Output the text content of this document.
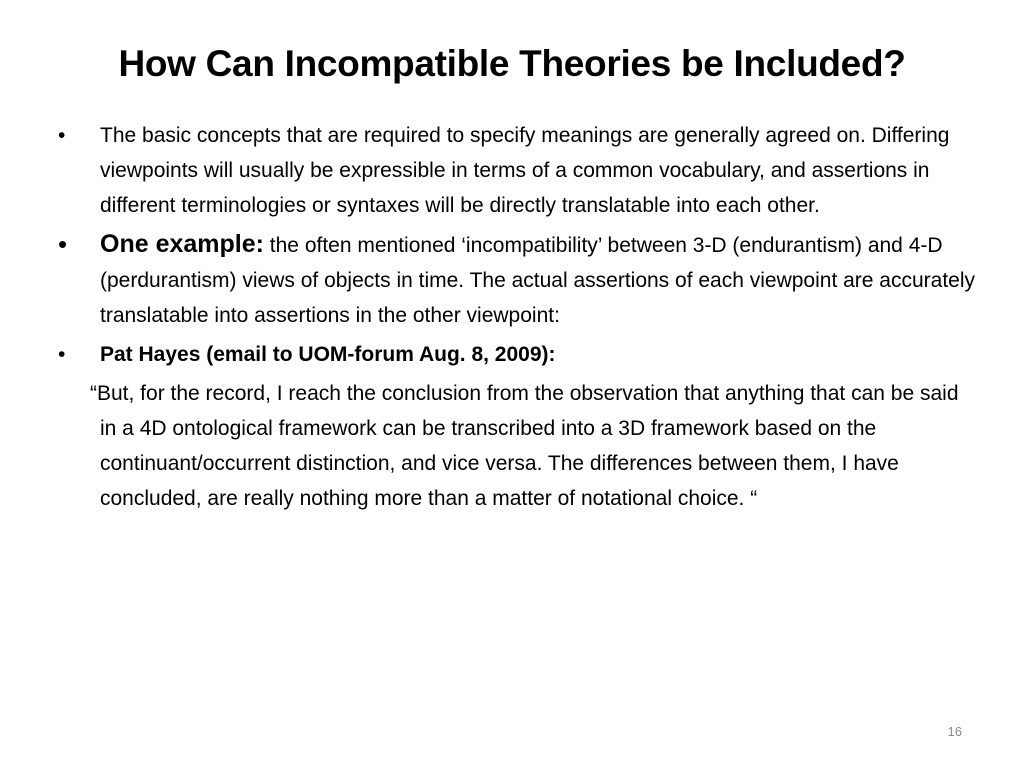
How Can Incompatible Theories be Included?
•	The basic concepts that are required to specify meanings are generally agreed on. Differing viewpoints will usually be expressible in terms of a common vocabulary, and assertions in different terminologies or syntaxes will be directly translatable into each other.
•	One example: the often mentioned ‘incompatibility’ between 3-D (endurantism) and 4-D (perdurantism) views of objects in time. The actual assertions of each viewpoint are accurately translatable into assertions in the other viewpoint:
•	Pat Hayes (email to UOM-forum Aug. 8, 2009):
“But, for the record, I reach the conclusion from the observation that anything that can be said in a 4D ontological framework can be transcribed into a 3D framework based on the continuant/occurrent distinction, and vice versa. The differences between them, I have concluded, are really nothing more than a matter of notational choice. “
16
